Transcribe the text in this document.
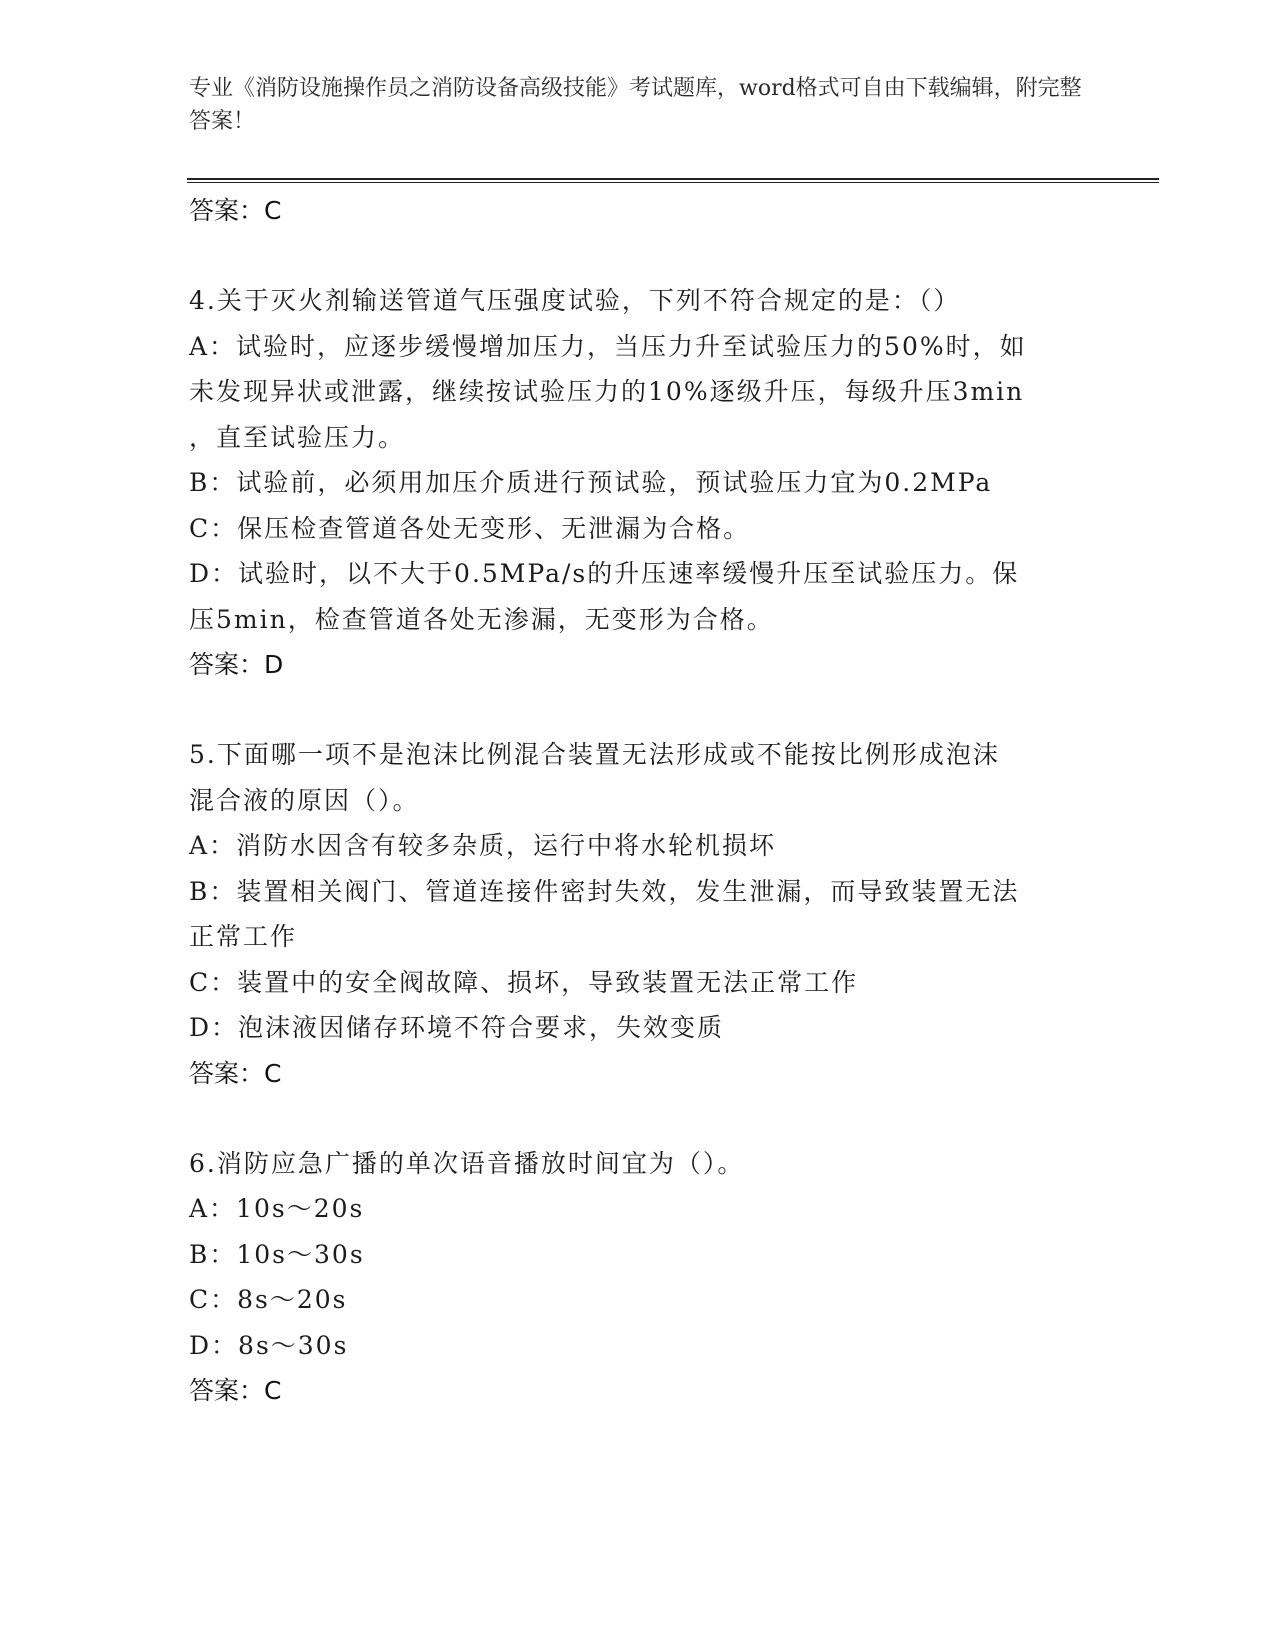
专业《消防设施操作员之消防设备高级技能》考试题库，word格式可自由下载编辑，附完整答案！

答案：C

4.关于灭火剂输送管道气压强度试验，下列不符合规定的是：（）

A：试验时，应逐步缓慢增加压力，当压力升至试验压力的50%时，如

未发现异状或泄露，继续按试验压力的10%逐级升压，每级升压3min

，直至试验压力。

B：试验前，必须用加压介质进行预试验，预试验压力宜为0.2MPa

C：保压检查管道各处无变形、无泄漏为合格。

D：试验时，以不大于0.5MPa/s的升压速率缓慢升压至试验压力。保

压5min，检查管道各处无渗漏，无变形为合格。

答案：D

5.下面哪一项不是泡沫比例混合装置无法形成或不能按比例形成泡沫

混合液的原因（）。

A：消防水因含有较多杂质，运行中将水轮机损坏

B：装置相关阀门、管道连接件密封失效，发生泄漏，而导致装置无法

正常工作

C：装置中的安全阀故障、损坏，导致装置无法正常工作

D：泡沫液因储存环境不符合要求，失效变质

答案：C

6.消防应急广播的单次语音播放时间宜为（）。

A：10s～20s

B：10s～30s

C：8s～20s

D：8s～30s

答案：C
